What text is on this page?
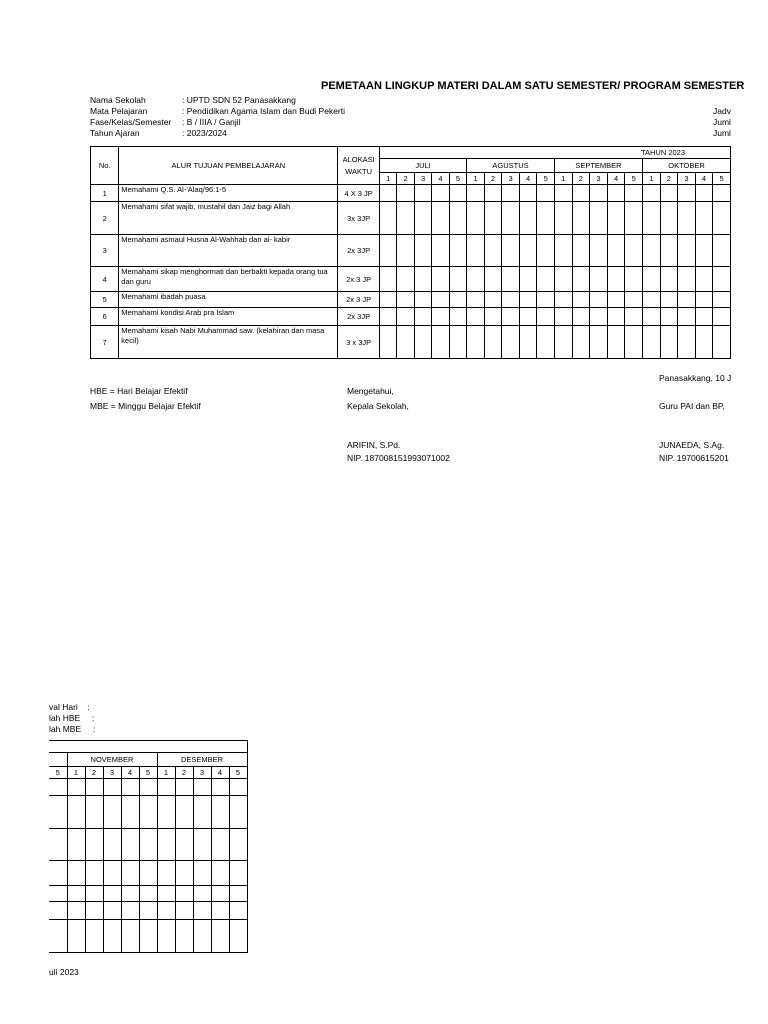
PEMETAAN LINGKUP MATERI DALAM SATU SEMESTER/ PROGRAM SEMESTER
Nama Sekolah	: UPTD SDN 52 Panasakkang
Mata Pelajaran	: Pendidikan Agama Islam dan Budi Pekerti
Fase/Kelas/Semester	: B / IIIA / Ganjil
Tahun Ajaran	: 2023/2024
Jadv
Juml
Juml
No.	ALUR TUJUAN PEMBELAJARAN	ALOKASI WAKTU	TAHUN 2023																			
			JULI					AGUSTUS					SEPTEMBER					OKTOBER				
			1	2	3	4	5	1	2	3	4	5	1	2	3	4	5	1	2	3	4	5
1	Memahami Q.S. Al-'Alaq/96:1-5	4 X 3 JP																				
2	Memahami sifat wajib, mustahil dan Jaiz bagi Allah	3x 3JP																				
3	Memahami asmaul Husna Al-Wahhab dan al- kabir	2x 3JP																				
4	Memahami sikap menghormati dan berbakti kepada orang tua dan guru	2x 3 JP																				
5	Memahami ibadah puasa	2x 3 JP																				
6	Memahami kondisi Arab pra Islam	2x 3JP																				
7	Memahami kisah Nabi Muhammad saw. (kelahiran dan masa kecil)	3 x 3JP																				
HBE = Hari Belajar Efektif
MBE = Minggu Belajar Efektif
Mengetahui,
Kepala Sekolah,
ARIFIN, S.Pd.
NIP. 187008151993071002
Panasakkang, 10 J
Guru PAI dan BP,
JUNAEDA, S.Ag.
NIP. 19700615201
val Hari    :
lah HBE     :
lah MBE     :

	NOVEMBER					DESEMBER				
5	1	2	3	4	5	1	2	3	4	5

uli 2023
